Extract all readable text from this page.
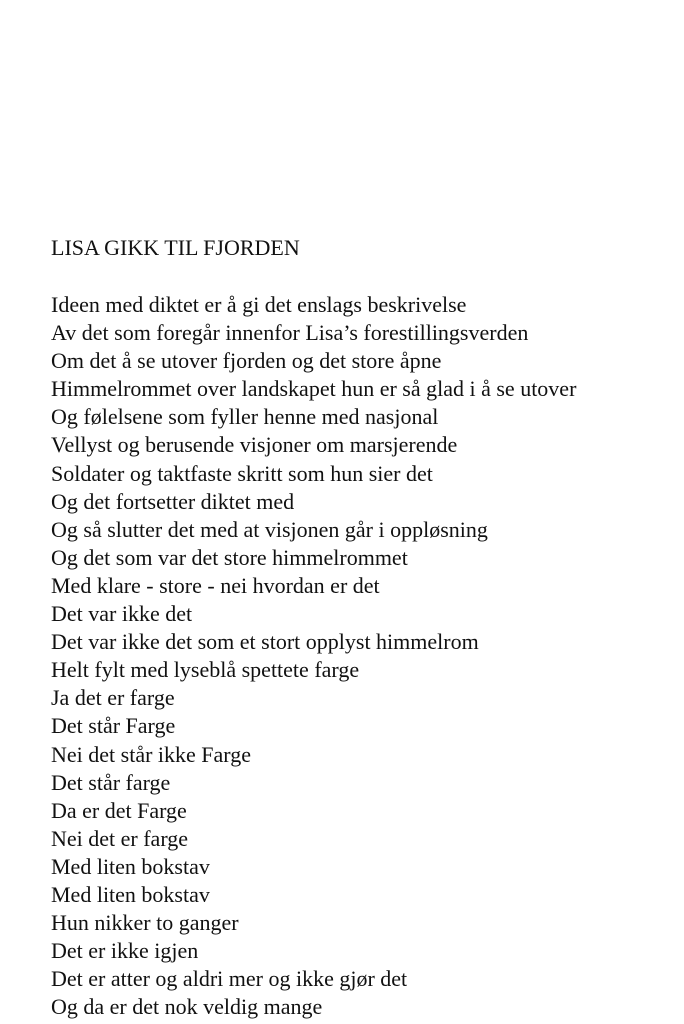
LISA GIKK TIL FJORDEN
Ideen med diktet er å gi det enslags beskrivelse
Av det som foregår innenfor Lisa’s forestillingsverden
Om det å se utover fjorden og det store åpne
Himmelrommet over landskapet hun er så glad i å se utover
Og følelsene som fyller henne med nasjonal
Vellyst og berusende visjoner om marsjerende
Soldater og taktfaste skritt som hun sier det
Og det fortsetter diktet med
Og så slutter det med at visjonen går i oppløsning
Og det som var det store himmelrommet
Med klare - store - nei hvordan er det
Det var ikke det
Det var ikke det som et stort opplyst himmelrom
Helt fylt med lyseblå spettete farge
Ja det er farge
Det står Farge
Nei det står ikke Farge
Det står farge
Da er det Farge
Nei det er farge
Med liten bokstav
Med liten bokstav
Hun nikker to ganger
Det er ikke igjen
Det er atter og aldri mer og ikke gjør det
Og da er det nok veldig mange
